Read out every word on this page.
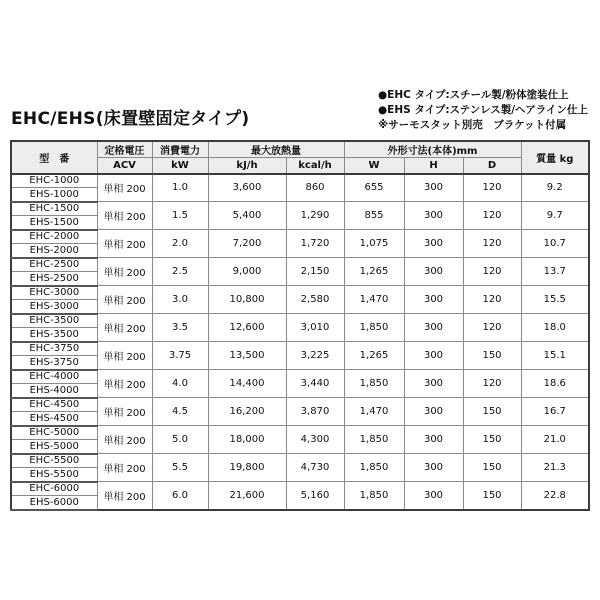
EHC/EHS(床置壁固定タイプ)
●EHC タイプ:スチール製/粉体塗装仕上
●EHS タイプ:ステンレス製/ヘアライン仕上
※サーモスタット別売　ブラケット付属
型　番	定格電圧	消費電力	最大放熱量		外形寸法(本体)mm			質量 kg
	ACV	kW	kJ/h	kcal/h	W	H	D	
EHC-1000	単相 200	1.0	3,600	860	655	300	120	9.2
EHS-1000								
EHC-1500	単相 200	1.5	5,400	1,290	855	300	120	9.7
EHS-1500								
EHC-2000	単相 200	2.0	7,200	1,720	1,075	300	120	10.7
EHS-2000								
EHC-2500	単相 200	2.5	9,000	2,150	1,265	300	120	13.7
EHS-2500								
EHC-3000	単相 200	3.0	10,800	2,580	1,470	300	120	15.5
EHS-3000								
EHC-3500	単相 200	3.5	12,600	3,010	1,850	300	120	18.0
EHS-3500								
EHC-3750	単相 200	3.75	13,500	3,225	1,265	300	150	15.1
EHS-3750								
EHC-4000	単相 200	4.0	14,400	3,440	1,850	300	120	18.6
EHS-4000								
EHC-4500	単相 200	4.5	16,200	3,870	1,470	300	150	16.7
EHS-4500								
EHC-5000	単相 200	5.0	18,000	4,300	1,850	300	150	21.0
EHS-5000								
EHC-5500	単相 200	5.5	19,800	4,730	1,850	300	150	21.3
EHS-5500								
EHC-6000	単相 200	6.0	21,600	5,160	1,850	300	150	22.8
EHS-6000								
